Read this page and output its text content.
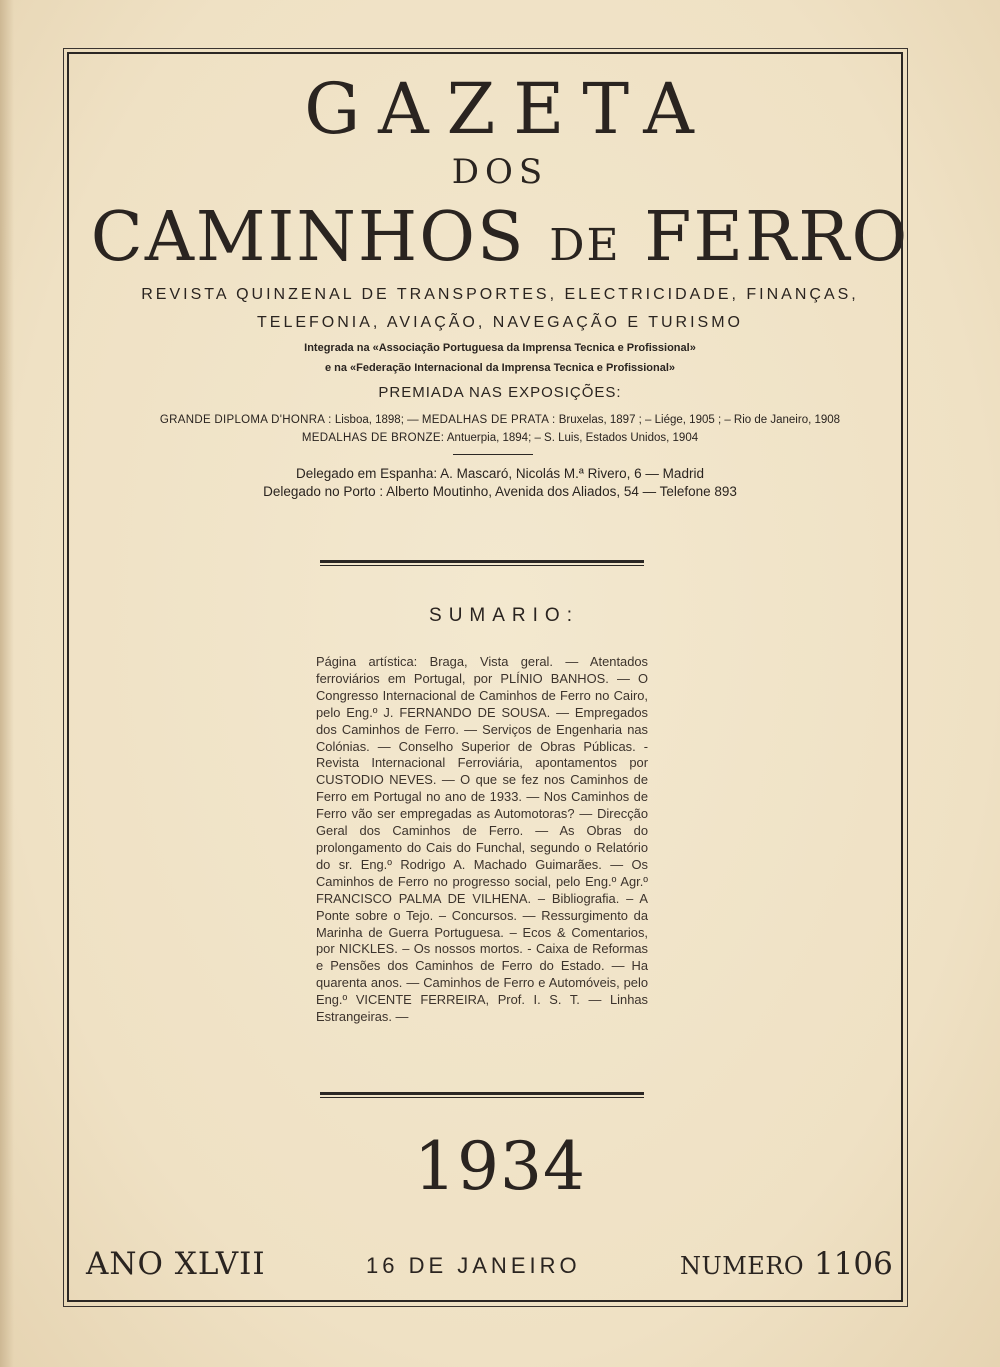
GAZETA
DOS
CAMINHOS DE FERRO
REVISTA QUINZENAL DE TRANSPORTES, ELECTRICIDADE, FINANÇAS,
TELEFONIA, AVIAÇÃO, NAVEGAÇÃO E TURISMO
Integrada na «Associação Portuguesa da Imprensa Tecnica e Profissional»
e na «Federação Internacional da Imprensa Tecnica e Profissional»
PREMIADA NAS EXPOSIÇÕES:
GRANDE DIPLOMA D'HONRA : Lisboa, 1898; — MEDALHAS DE PRATA : Bruxelas, 1897 ; – Liége, 1905 ; – Rio de Janeiro, 1908
MEDALHAS DE BRONZE: Antuerpia, 1894; – S. Luis, Estados Unidos, 1904
Delegado em Espanha: A. Mascaró, Nicolás M.ª Rivero, 6 — Madrid
Delegado no Porto : Alberto Moutinho, Avenida dos Aliados, 54 — Telefone 893
SUMARIO:
Página artística: Braga, Vista geral. — Atentados ferroviários em Portugal, por PLÍNIO BANHOS. — O Congresso Internacional de Caminhos de Ferro no Cairo, pelo Eng.º J. FERNANDO DE SOUSA. — Empregados dos Caminhos de Ferro. — Serviços de Engenharia nas Colónias. — Conselho Superior de Obras Públicas. - Revista Internacional Ferroviária, apontamentos por CUSTODIO NEVES. — O que se fez nos Caminhos de Ferro em Portugal no ano de 1933. — Nos Caminhos de Ferro vão ser empregadas as Automotoras? — Direcção Geral dos Caminhos de Ferro. — As Obras do prolongamento do Cais do Funchal, segundo o Relatório do sr. Eng.º Rodrigo A. Machado Guimarães. — Os Caminhos de Ferro no progresso social, pelo Eng.º Agr.º FRANCISCO PALMA DE VILHENA. – Bibliografia. – A Ponte sobre o Tejo. – Concursos. — Ressurgimento da Marinha de Guerra Portuguesa. – Ecos & Comentarios, por NICKLES. – Os nossos mortos. - Caixa de Reformas e Pensões dos Caminhos de Ferro do Estado. — Ha quarenta anos. — Caminhos de Ferro e Automóveis, pelo Eng.º VICENTE FERREIRA, Prof. I. S. T. — Linhas Estrangeiras. —
1934
ANO XLVII	16 DE JANEIRO	NUMERO 1106
